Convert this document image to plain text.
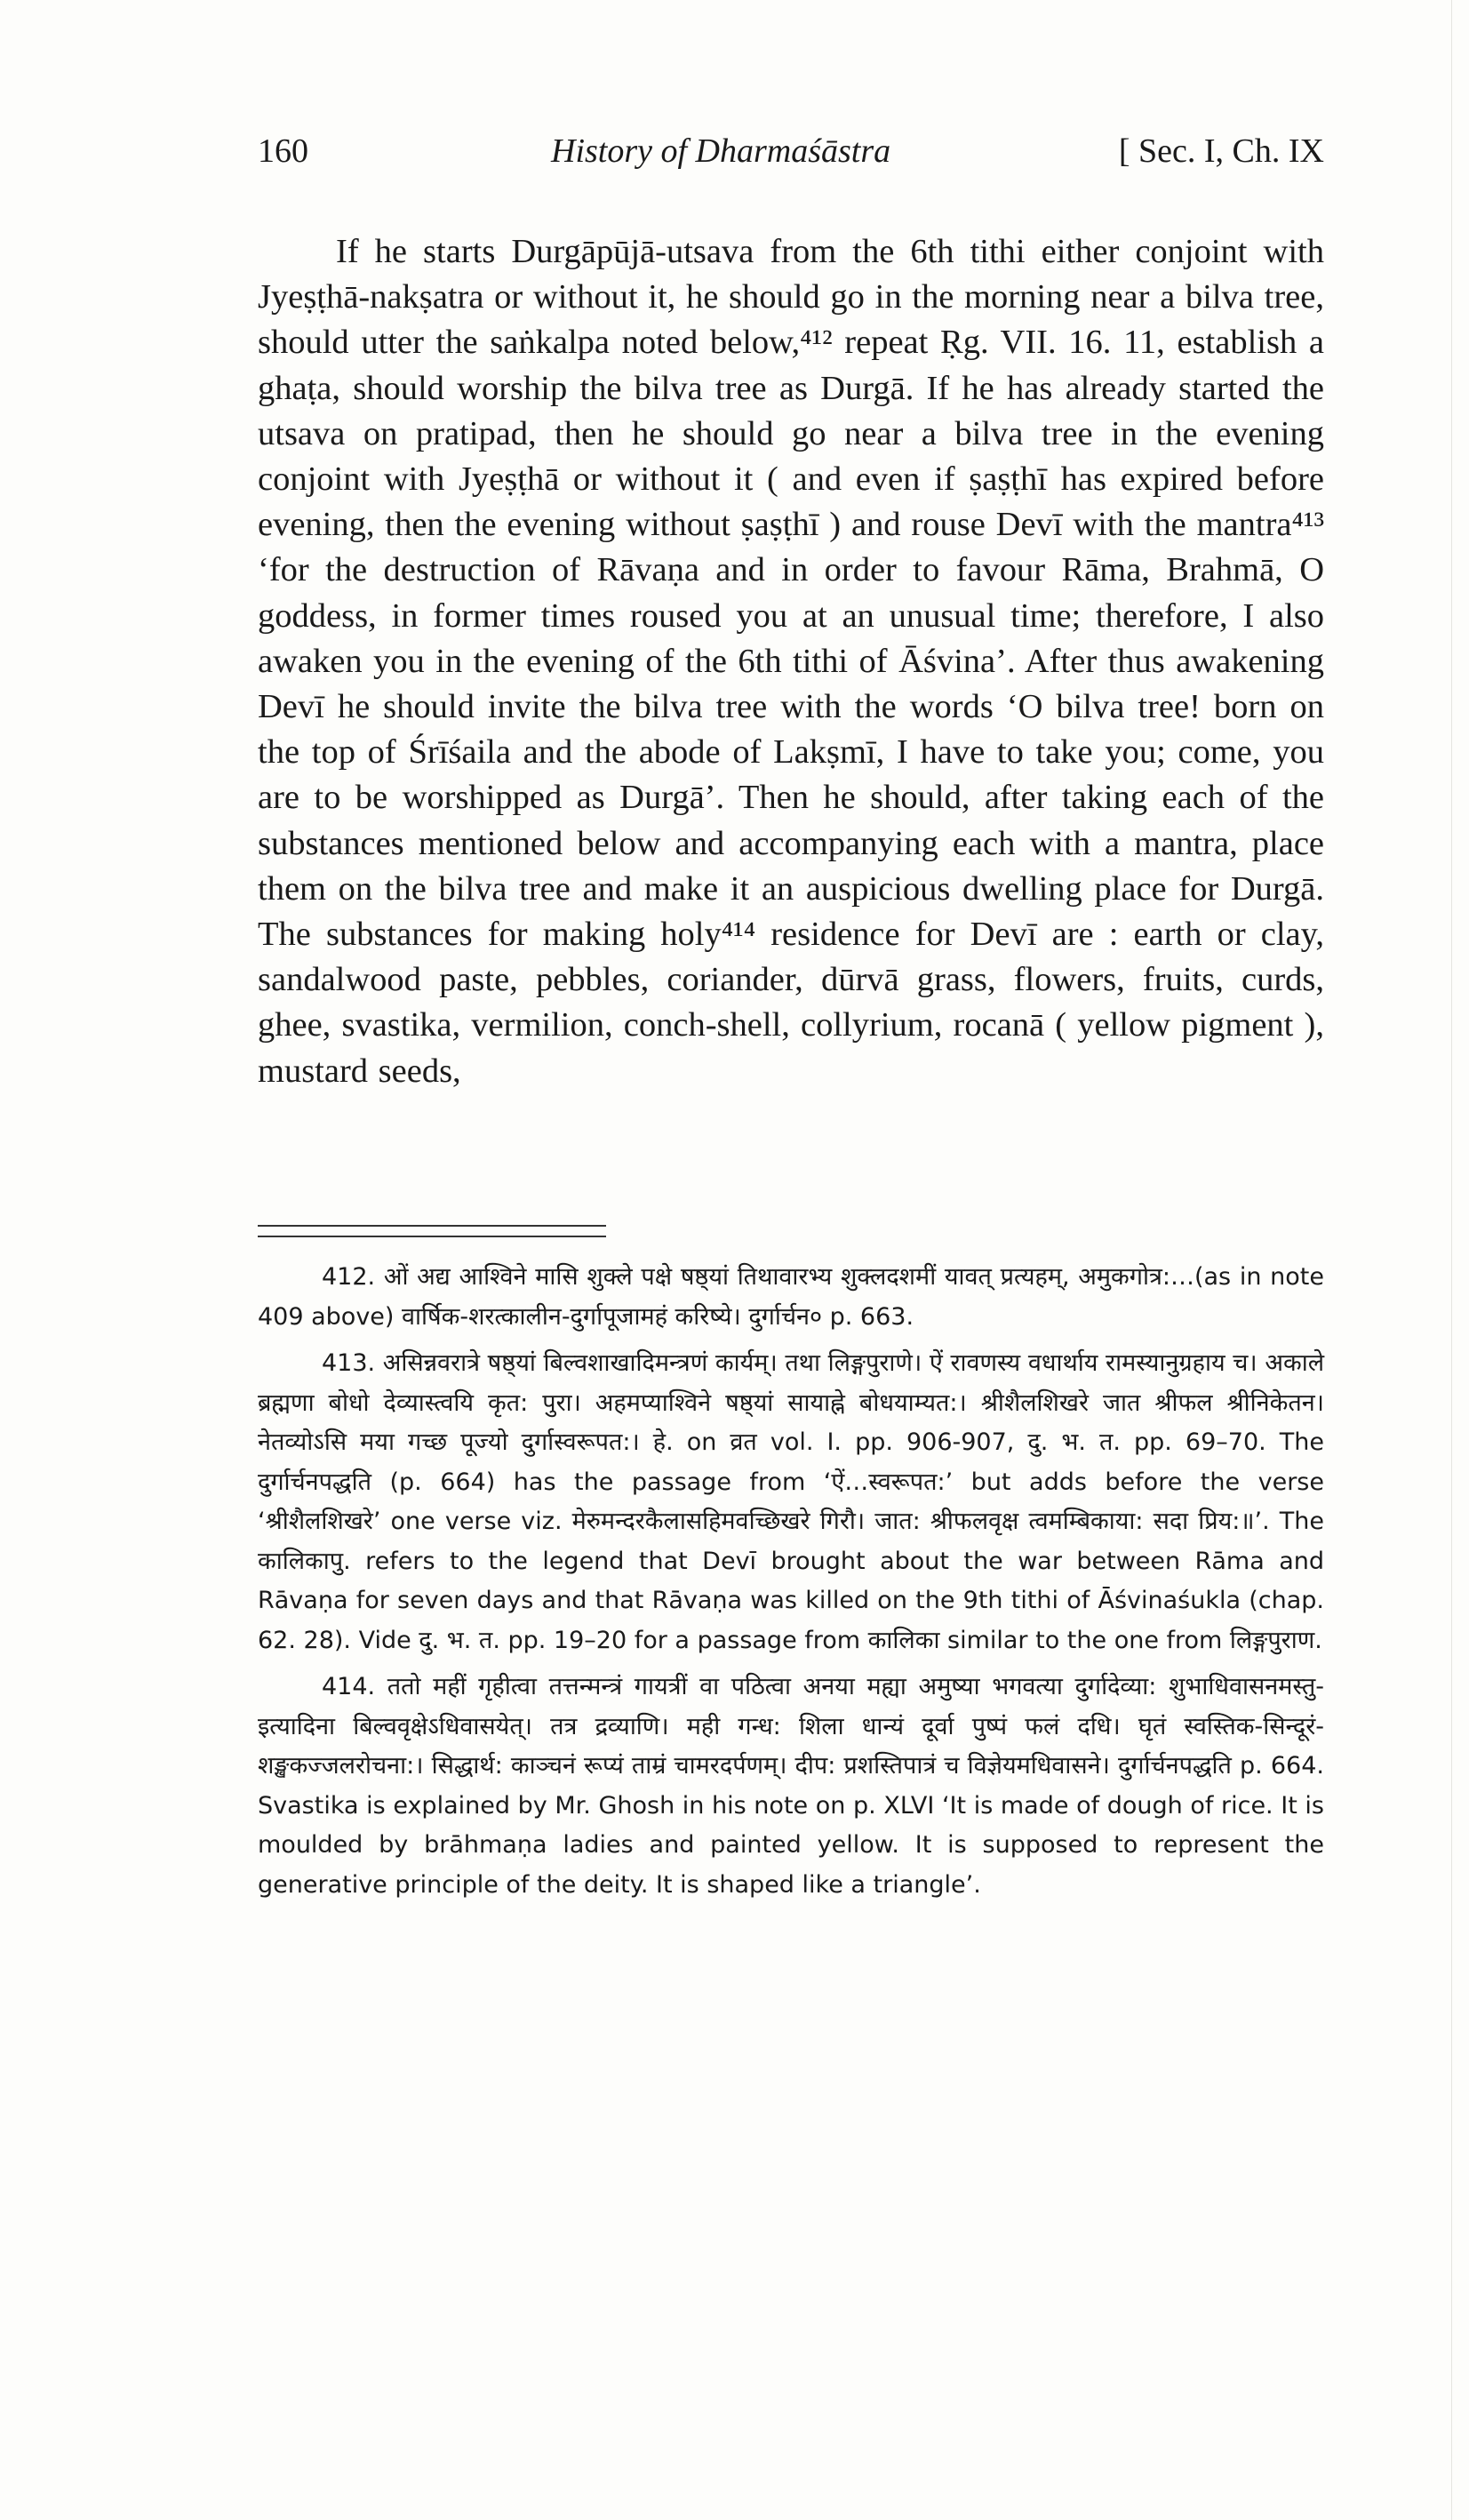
160	History of Dharmaśāstra	[ Sec. I, Ch. IX

If he starts Durgāpūjā-utsava from the 6th tithi either conjoint with Jyeṣṭhā-nakṣatra or without it, he should go in the morning near a bilva tree, should utter the saṅkalpa noted below,⁴¹² repeat Ṛg. VII. 16. 11, establish a ghaṭa, should worship the bilva tree as Durgā. If he has already started the utsava on pratipad, then he should go near a bilva tree in the evening conjoint with Jyeṣṭhā or without it ( and even if ṣaṣṭhī has expired before evening, then the evening without ṣaṣṭhī ) and rouse Devī with the mantra⁴¹³ ‘for the destruction of Rāvaṇa and in order to favour Rāma, Brahmā, O goddess, in former times roused you at an unusual time; therefore, I also awaken you in the evening of the 6th tithi of Āśvina’. After thus awakening Devī he should invite the bilva tree with the words ‘O bilva tree! born on the top of Śrīśaila and the abode of Lakṣmī, I have to take you; come, you are to be worshipped as Durgā’. Then he should, after taking each of the substances mentioned below and accompanying each with a mantra, place them on the bilva tree and make it an auspicious dwelling place for Durgā. The substances for making holy⁴¹⁴ residence for Devī are : earth or clay, sandalwood paste, pebbles, coriander, dūrvā grass, flowers, fruits, curds, ghee, svastika, vermilion, conch-shell, collyrium, rocanā ( yellow pigment ), mustard seeds,

412. ओं अद्य आश्विने मासि शुक्ले पक्षे षष्ठ्यां तिथावारभ्य शुक्लदशमीं यावत् प्रत्यहम्, अमुकगोत्र:…(as in note 409 above) वार्षिक-शरत्कालीन-दुर्गापूजामहं करिष्ये। दुर्गार्चन० p. 663.

413. असिन्नवरात्रे षष्ठ्यां बिल्वशाखादिमन्त्रणं कार्यम्। तथा लिङ्गपुराणे। ऐं रावणस्य वधार्थाय रामस्यानुग्रहाय च। अकाले ब्रह्मणा बोधो देव्यास्त्वयि कृत: पुरा। अहमप्याश्विने षष्ठ्यां सायाह्ने बोधयाम्यत:। श्रीशैलशिखरे जात श्रीफल श्रीनिकेतन। नेतव्योऽसि मया गच्छ पूज्यो दुर्गास्वरूपत:। हे. on व्रत vol. I. pp. 906-907, दु. भ. त. pp. 69–70. The दुर्गार्चनपद्धति (p. 664) has the passage from ‘ऐं…स्वरूपत:’ but adds before the verse ‘श्रीशैलशिखरे’ one verse viz. मेरुमन्दरकैलासहिमवच्छिखरे गिरौ। जात: श्रीफलवृक्ष त्वमम्बिकाया: सदा प्रिय:॥’. The कालिकापु. refers to the legend that Devī brought about the war between Rāma and Rāvaṇa for seven days and that Rāvaṇa was killed on the 9th tithi of Āśvinaśukla (chap. 62. 28). Vide दु. भ. त. pp. 19–20 for a passage from कालिका similar to the one from लिङ्गपुराण.

414. ततो महीं गृहीत्वा तत्तन्मन्त्रं गायत्रीं वा पठित्वा अनया मह्या अमुष्या भगवत्या दुर्गादेव्या: शुभाधिवासनमस्तु-इत्यादिना बिल्ववृक्षेऽधिवासयेत्। तत्र द्रव्याणि। मही गन्ध: शिला धान्यं दूर्वा पुष्पं फलं दधि। घृतं स्वस्तिक-सिन्दूरं-शङ्खकज्जलरोचना:। सिद्धार्थ: काञ्चनं रूप्यं ताम्रं चामरदर्पणम्। दीप: प्रशस्तिपात्रं च विज्ञेयमधिवासने। दुर्गार्चनपद्धति p. 664. Svastika is explained by Mr. Ghosh in his note on p. XLVI ‘It is made of dough of rice. It is moulded by brāhmaṇa ladies and painted yellow. It is supposed to represent the generative principle of the deity. It is shaped like a triangle’.
